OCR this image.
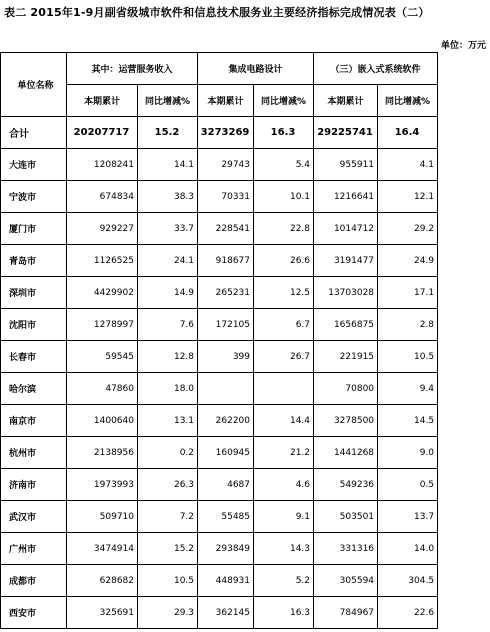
表二 2015年1-9月副省级城市软件和信息技术服务业主要经济指标完成情况表（二）
单位：万元
单位名称	其中：运营服务收入		集成电路设计		（三）嵌入式系统软件	
	本期累计	同比增减%	本期累计	同比增减%	本期累计	同比增减%
合计	20207717	15.2	3273269	16.3	29225741	16.4
大连市	1208241	14.1	29743	5.4	955911	4.1
宁波市	674834	38.3	70331	10.1	1216641	12.1
厦门市	929227	33.7	228541	22.8	1014712	29.2
青岛市	1126525	24.1	918677	26.6	3191477	24.9
深圳市	4429902	14.9	265231	12.5	13703028	17.1
沈阳市	1278997	7.6	172105	6.7	1656875	2.8
长春市	59545	12.8	399	26.7	221915	10.5
哈尔滨	47860	18.0			70800	9.4
南京市	1400640	13.1	262200	14.4	3278500	14.5
杭州市	2138956	0.2	160945	21.2	1441268	9.0
济南市	1973993	26.3	4687	4.6	549236	0.5
武汉市	509710	7.2	55485	9.1	503501	13.7
广州市	3474914	15.2	293849	14.3	331316	14.0
成都市	628682	10.5	448931	5.2	305594	304.5
西安市	325691	29.3	362145	16.3	784967	22.6
